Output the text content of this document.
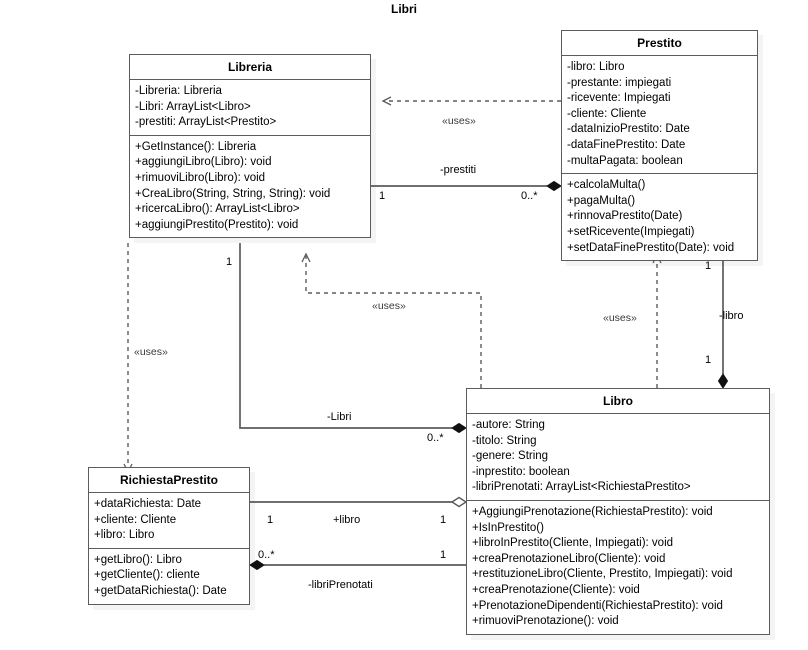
Libri
«uses»
-prestiti
1	0..*
«uses»
«uses»
«uses»
-Libri
1
0..*
-libro
1
1
+libro
1	1
-libriPrenotati
0..*	1
Libreria
-Libreria: Libreria
-Libri: ArrayList<Libro>
-prestiti: ArrayList<Prestito>
+GetInstance(): Libreria
+aggiungiLibro(Libro): void
+rimuoviLibro(Libro): void
+CreaLibro(String, String, String): void
+ricercaLibro(): ArrayList<Libro>
+aggiungiPrestito(Prestito): void
Prestito
-libro: Libro
-prestante: impiegati
-ricevente: Impiegati
-cliente: Cliente
-dataInizioPrestito: Date
-dataFinePrestito: Date
-multaPagata: boolean
+calcolaMulta()
+pagaMulta()
+rinnovaPrestito(Date)
+setRicevente(Impiegati)
+setDataFinePrestito(Date): void
Libro
-autore: String
-titolo: String
-genere: String
-inprestito: boolean
-libriPrenotati: ArrayList<RichiestaPrestito>
+AggiungiPrenotazione(RichiestaPrestito): void
+IsInPrestito()
+libroInPrestito(Cliente, Impiegati): void
+creaPrenotazioneLibro(Cliente): void
+restituzioneLibro(Cliente, Prestito, Impiegati): void
+creaPrenotazione(Cliente): void
+PrenotazioneDipendenti(RichiestaPrestito): void
+rimuoviPrenotazione(): void
RichiestaPrestito
+dataRichiesta: Date
+cliente: Cliente
+libro: Libro
+getLibro(): Libro
+getCliente(): cliente
+getDataRichiesta(): Date
